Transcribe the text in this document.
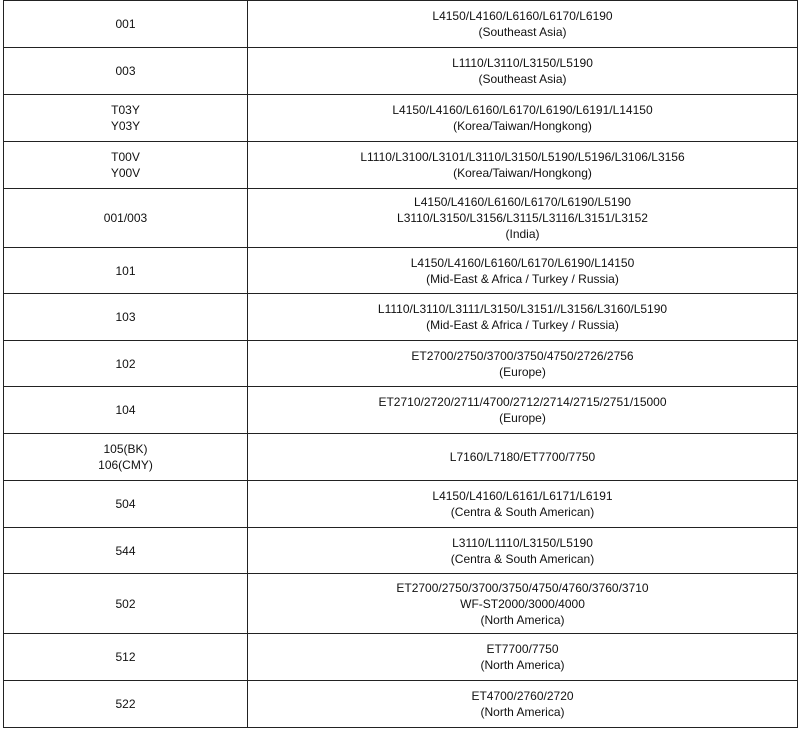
001	L4150/L4160/L6160/L6170/L6190
(Southeast Asia)

003	L1110/L3110/L3150/L5190
(Southeast Asia)

T03Y
Y03Y	L4150/L4160/L6160/L6170/L6190/L6191/L14150
(Korea/Taiwan/Hongkong)

T00V
Y00V	L1110/L3100/L3101/L3110/L3150/L5190/L5196/L3106/L3156
(Korea/Taiwan/Hongkong)

001/003	L4150/L4160/L6160/L6170/L6190/L5190
L3110/L3150/L3156/L3115/L3116/L3151/L3152
(India)

101	L4150/L4160/L6160/L6170/L6190/L14150
(Mid-East & Africa / Turkey / Russia)

103	L1110/L3110/L3111/L3150/L3151//L3156/L3160/L5190
(Mid-East & Africa / Turkey / Russia)

102	ET2700/2750/3700/3750/4750/2726/2756
(Europe)

104	ET2710/2720/2711/4700/2712/2714/2715/2751/15000
(Europe)

105(BK)
106(CMY)	L7160/L7180/ET7700/7750

504	L4150/L4160/L6161/L6171/L6191
(Centra & South American)

544	L3110/L1110/L3150/L5190
(Centra & South American)

502	ET2700/2750/3700/3750/4750/4760/3760/3710
WF-ST2000/3000/4000
(North America)

512	ET7700/7750
(North America)

522	ET4700/2760/2720
(North America)
